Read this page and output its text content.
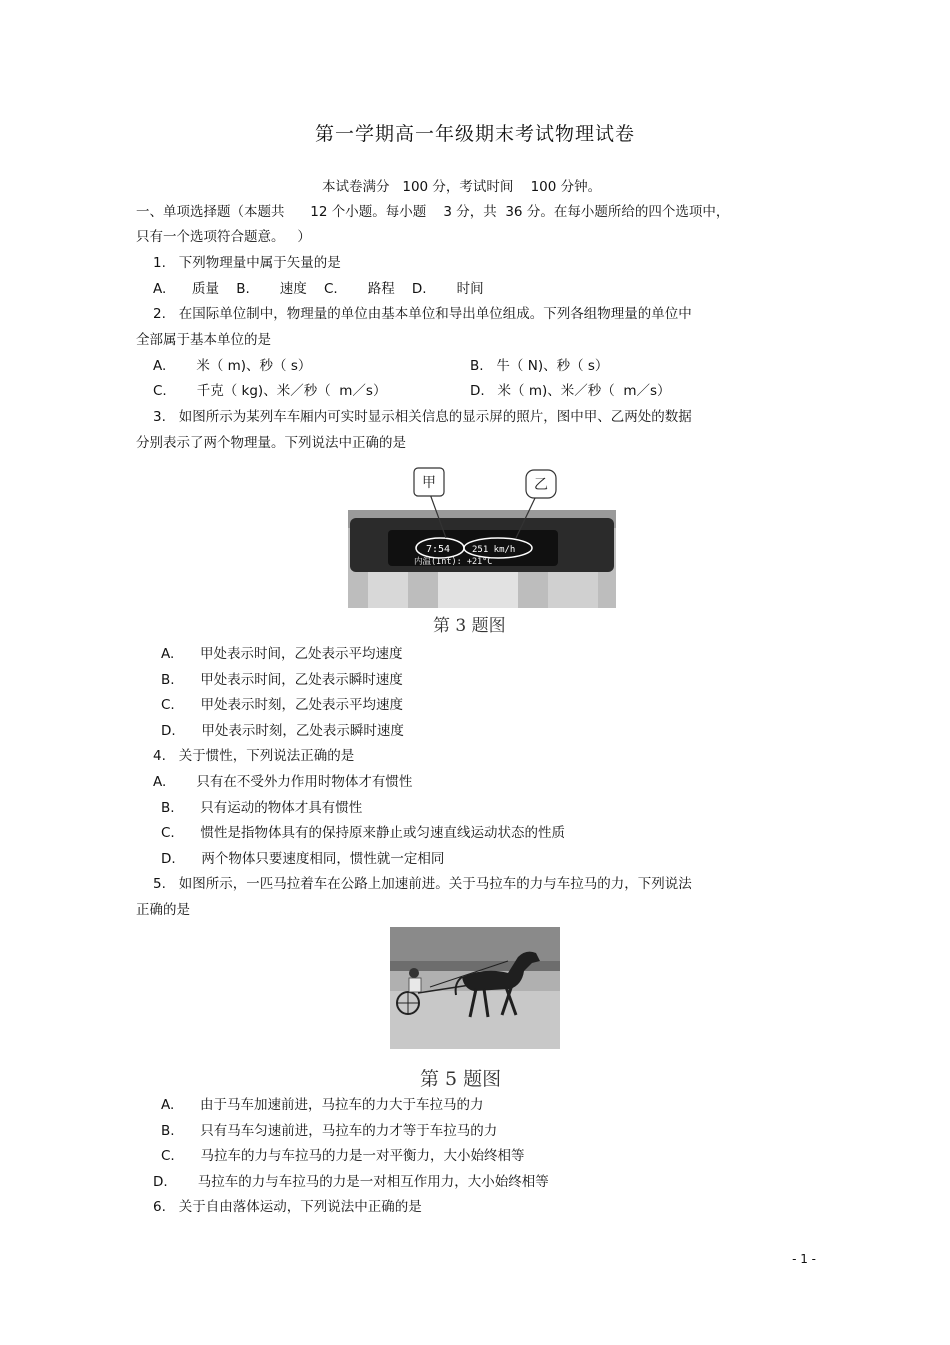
第一学期高一年级期末考试物理试卷
本试卷满分   100 分，考试时间    100 分钟。
一、单项选择题（本题共      12 个小题。每小题    3 分，共  36 分。在每小题所给的四个选项中，
只有一个选项符合题意。   ）
1.   下列物理量中属于矢量的是
A.      质量    B.       速度    C.       路程    D.       时间
2.   在国际单位制中，物理量的单位由基本单位和导出单位组成。下列各组物理量的单位中
全部属于基本单位的是
A.       米（ m)、秒（ s）	B.   牛（ N)、秒（ s）
C.       千克（ kg)、米／秒（  m／s）	D.   米（ m)、米／秒（  m／s）
3.   如图所示为某列车车厢内可实时显示相关信息的显示屏的照片，图中甲、乙两处的数据
分别表示了两个物理量。下列说法中正确的是
7:54 251 km/h
内温(Int): +21°C
甲	乙
第 3 题图
A.      甲处表示时间，乙处表示平均速度
B.      甲处表示时间，乙处表示瞬时速度
C.      甲处表示时刻，乙处表示平均速度
D.      甲处表示时刻，乙处表示瞬时速度
4.   关于惯性，下列说法正确的是
A.       只有在不受外力作用时物体才有惯性
B.      只有运动的物体才具有惯性
C.      惯性是指物体具有的保持原来静止或匀速直线运动状态的性质
D.      两个物体只要速度相同，惯性就一定相同
5.   如图所示，一匹马拉着车在公路上加速前进。关于马拉车的力与车拉马的力，下列说法
正确的是
第 5 题图
A.      由于马车加速前进，马拉车的力大于车拉马的力
B.      只有马车匀速前进，马拉车的力才等于车拉马的力
C.      马拉车的力与车拉马的力是一对平衡力，大小始终相等
D.       马拉车的力与车拉马的力是一对相互作用力，大小始终相等
6.   关于自由落体运动，下列说法中正确的是
- 1 -
